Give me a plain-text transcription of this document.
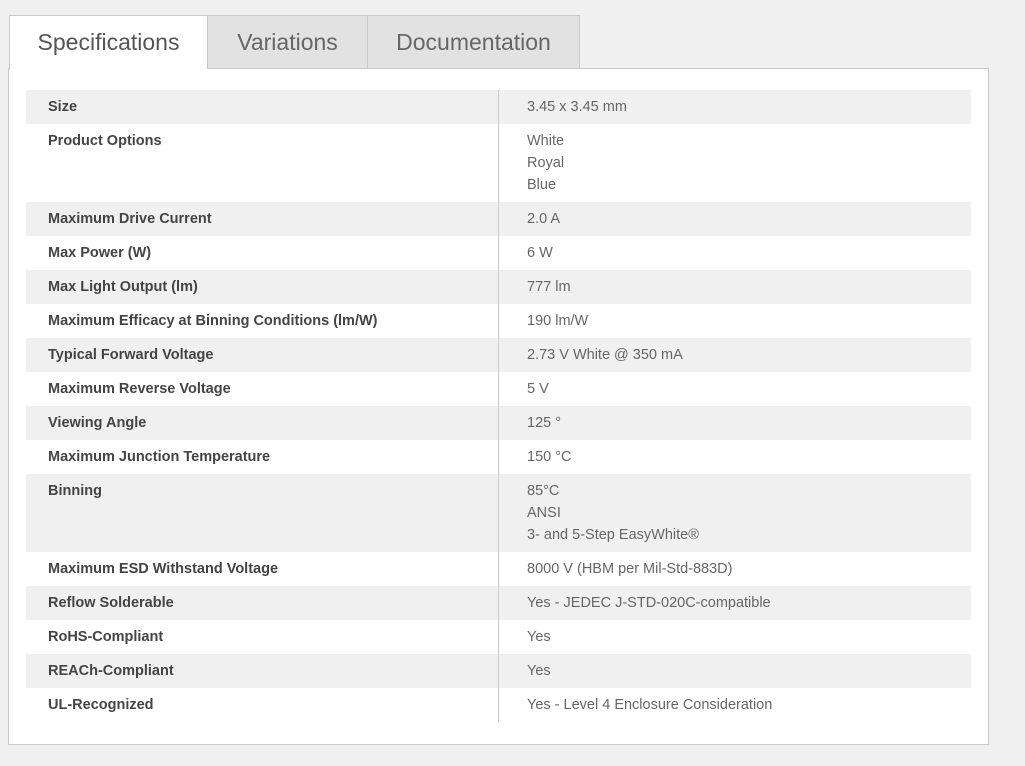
Specifications	Variations	Documentation
Size	3.45 x 3.45 mm
Product Options	White
Royal
Blue
Maximum Drive Current	2.0 A
Max Power (W)	6 W
Max Light Output (lm)	777 lm
Maximum Efficacy at Binning Conditions (lm/W)	190 lm/W
Typical Forward Voltage	2.73 V White @ 350 mA
Maximum Reverse Voltage	5 V
Viewing Angle	125 °
Maximum Junction Temperature	150 °C
Binning	85°C
ANSI
3- and 5-Step EasyWhite®
Maximum ESD Withstand Voltage	8000 V (HBM per Mil-Std-883D)
Reflow Solderable	Yes - JEDEC J-STD-020C-compatible
RoHS-Compliant	Yes
REACh-Compliant	Yes
UL-Recognized	Yes - Level 4 Enclosure Consideration
